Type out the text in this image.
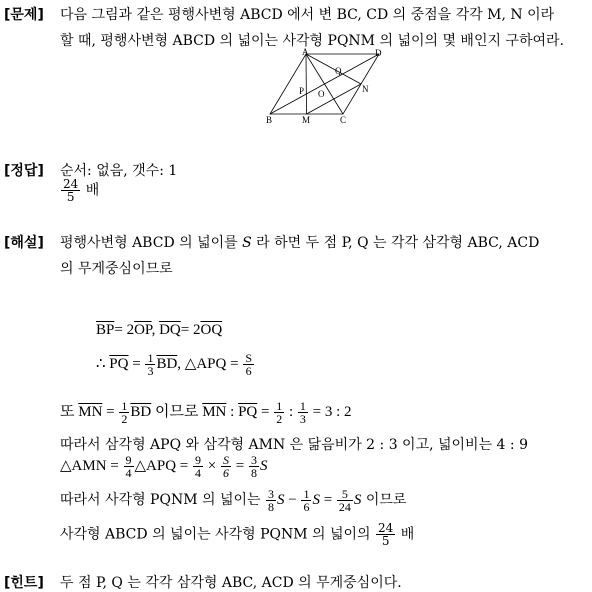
[문제] 다음 그림과 같은 평행사변형 ABCD 에서 변 BC, CD 의 중점을 각각 M, N 이라
할 때, 평행사변형 ABCD 의 넓이는 사각형 PQNM 의 넓이의 몇 배인지 구하여라.
A	D
Q
P O	N
B	M	C
[정답] 순서: 없음, 갯수: 1
$\frac{24}{5}$ 배
[해설] 평행사변형 ABCD 의 넓이를 S 라 하면 두 점 P, Q 는 각각 삼각형 ABC, ACD
의 무게중심이므로
$\overline{BP}= 2\overline{OP}$, $\overline{DQ}= 2\overline{OQ}$
∴ $\overline{PQ} = \frac{1}{3} \overline{BD}$, △APQ = $\frac{S}{6}$
또 $\overline{MN} = \frac{1}{2} \overline{BD}$ 이므로 $\overline{MN}$ : $\overline{PQ} = \frac{1}{2}$ : $\frac{1}{3} = 3$ : 2
따라서 삼각형 APQ 와 삼각형 AMN 은 닮음비가 2 : 3 이고, 넓이비는 4 : 9
△AMN = $\frac{9}{4}$ △APQ = $\frac{9}{4} \times \frac{S}{6} = \frac{3}{8}$ S
따라서 사각형 PQNM 의 넓이는 $\frac{3}{8}$ $S - \frac{1}{6}$ $S = \frac{5}{24}$ S 이므로
사각형 ABCD 의 넓이는 사각형 PQNM 의 넓이의 $\frac{24}{5}$ 배
[힌트] 두 점 P, Q 는 각각 삼각형 ABC, ACD 의 무게중심이다.
